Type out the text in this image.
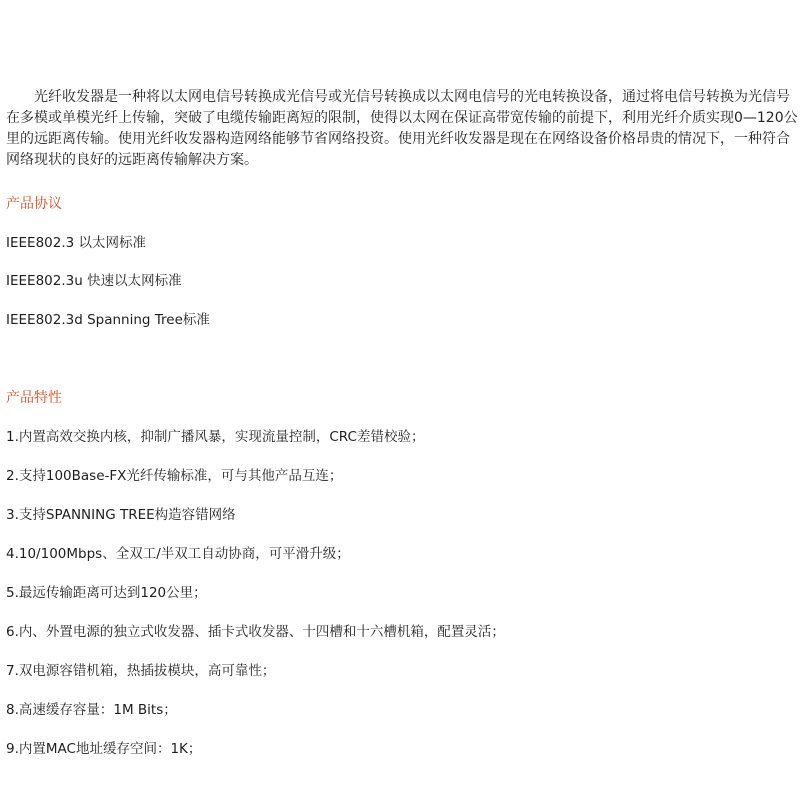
光纤收发器是一种将以太网电信号转换成光信号或光信号转换成以太网电信号的光电转换设备，通过将电信号转换为光信号在多模或单模光纤上传输，突破了电缆传输距离短的限制，使得以太网在保证高带宽传输的前提下，利用光纤介质实现0—120公里的远距离传输。使用光纤收发器构造网络能够节省网络投资。使用光纤收发器是现在在网络设备价格昂贵的情况下，一种符合网络现状的良好的远距离传输解决方案。

产品协议

IEEE802.3 以太网标准

IEEE802.3u 快速以太网标准

IEEE802.3d Spanning Tree标准

产品特性

1.内置高效交换内核，抑制广播风暴，实现流量控制，CRC差错校验；

2.支持100Base-FX光纤传输标准，可与其他产品互连；

3.支持SPANNING TREE构造容错网络

4.10/100Mbps、全双工/半双工自动协商，可平滑升级；

5.最远传输距离可达到120公里；

6.内、外置电源的独立式收发器、插卡式收发器、十四槽和十六槽机箱，配置灵活；

7.双电源容错机箱，热插拔模块，高可靠性；

8.高速缓存容量：1M Bits；

9.内置MAC地址缓存空间：1K；
